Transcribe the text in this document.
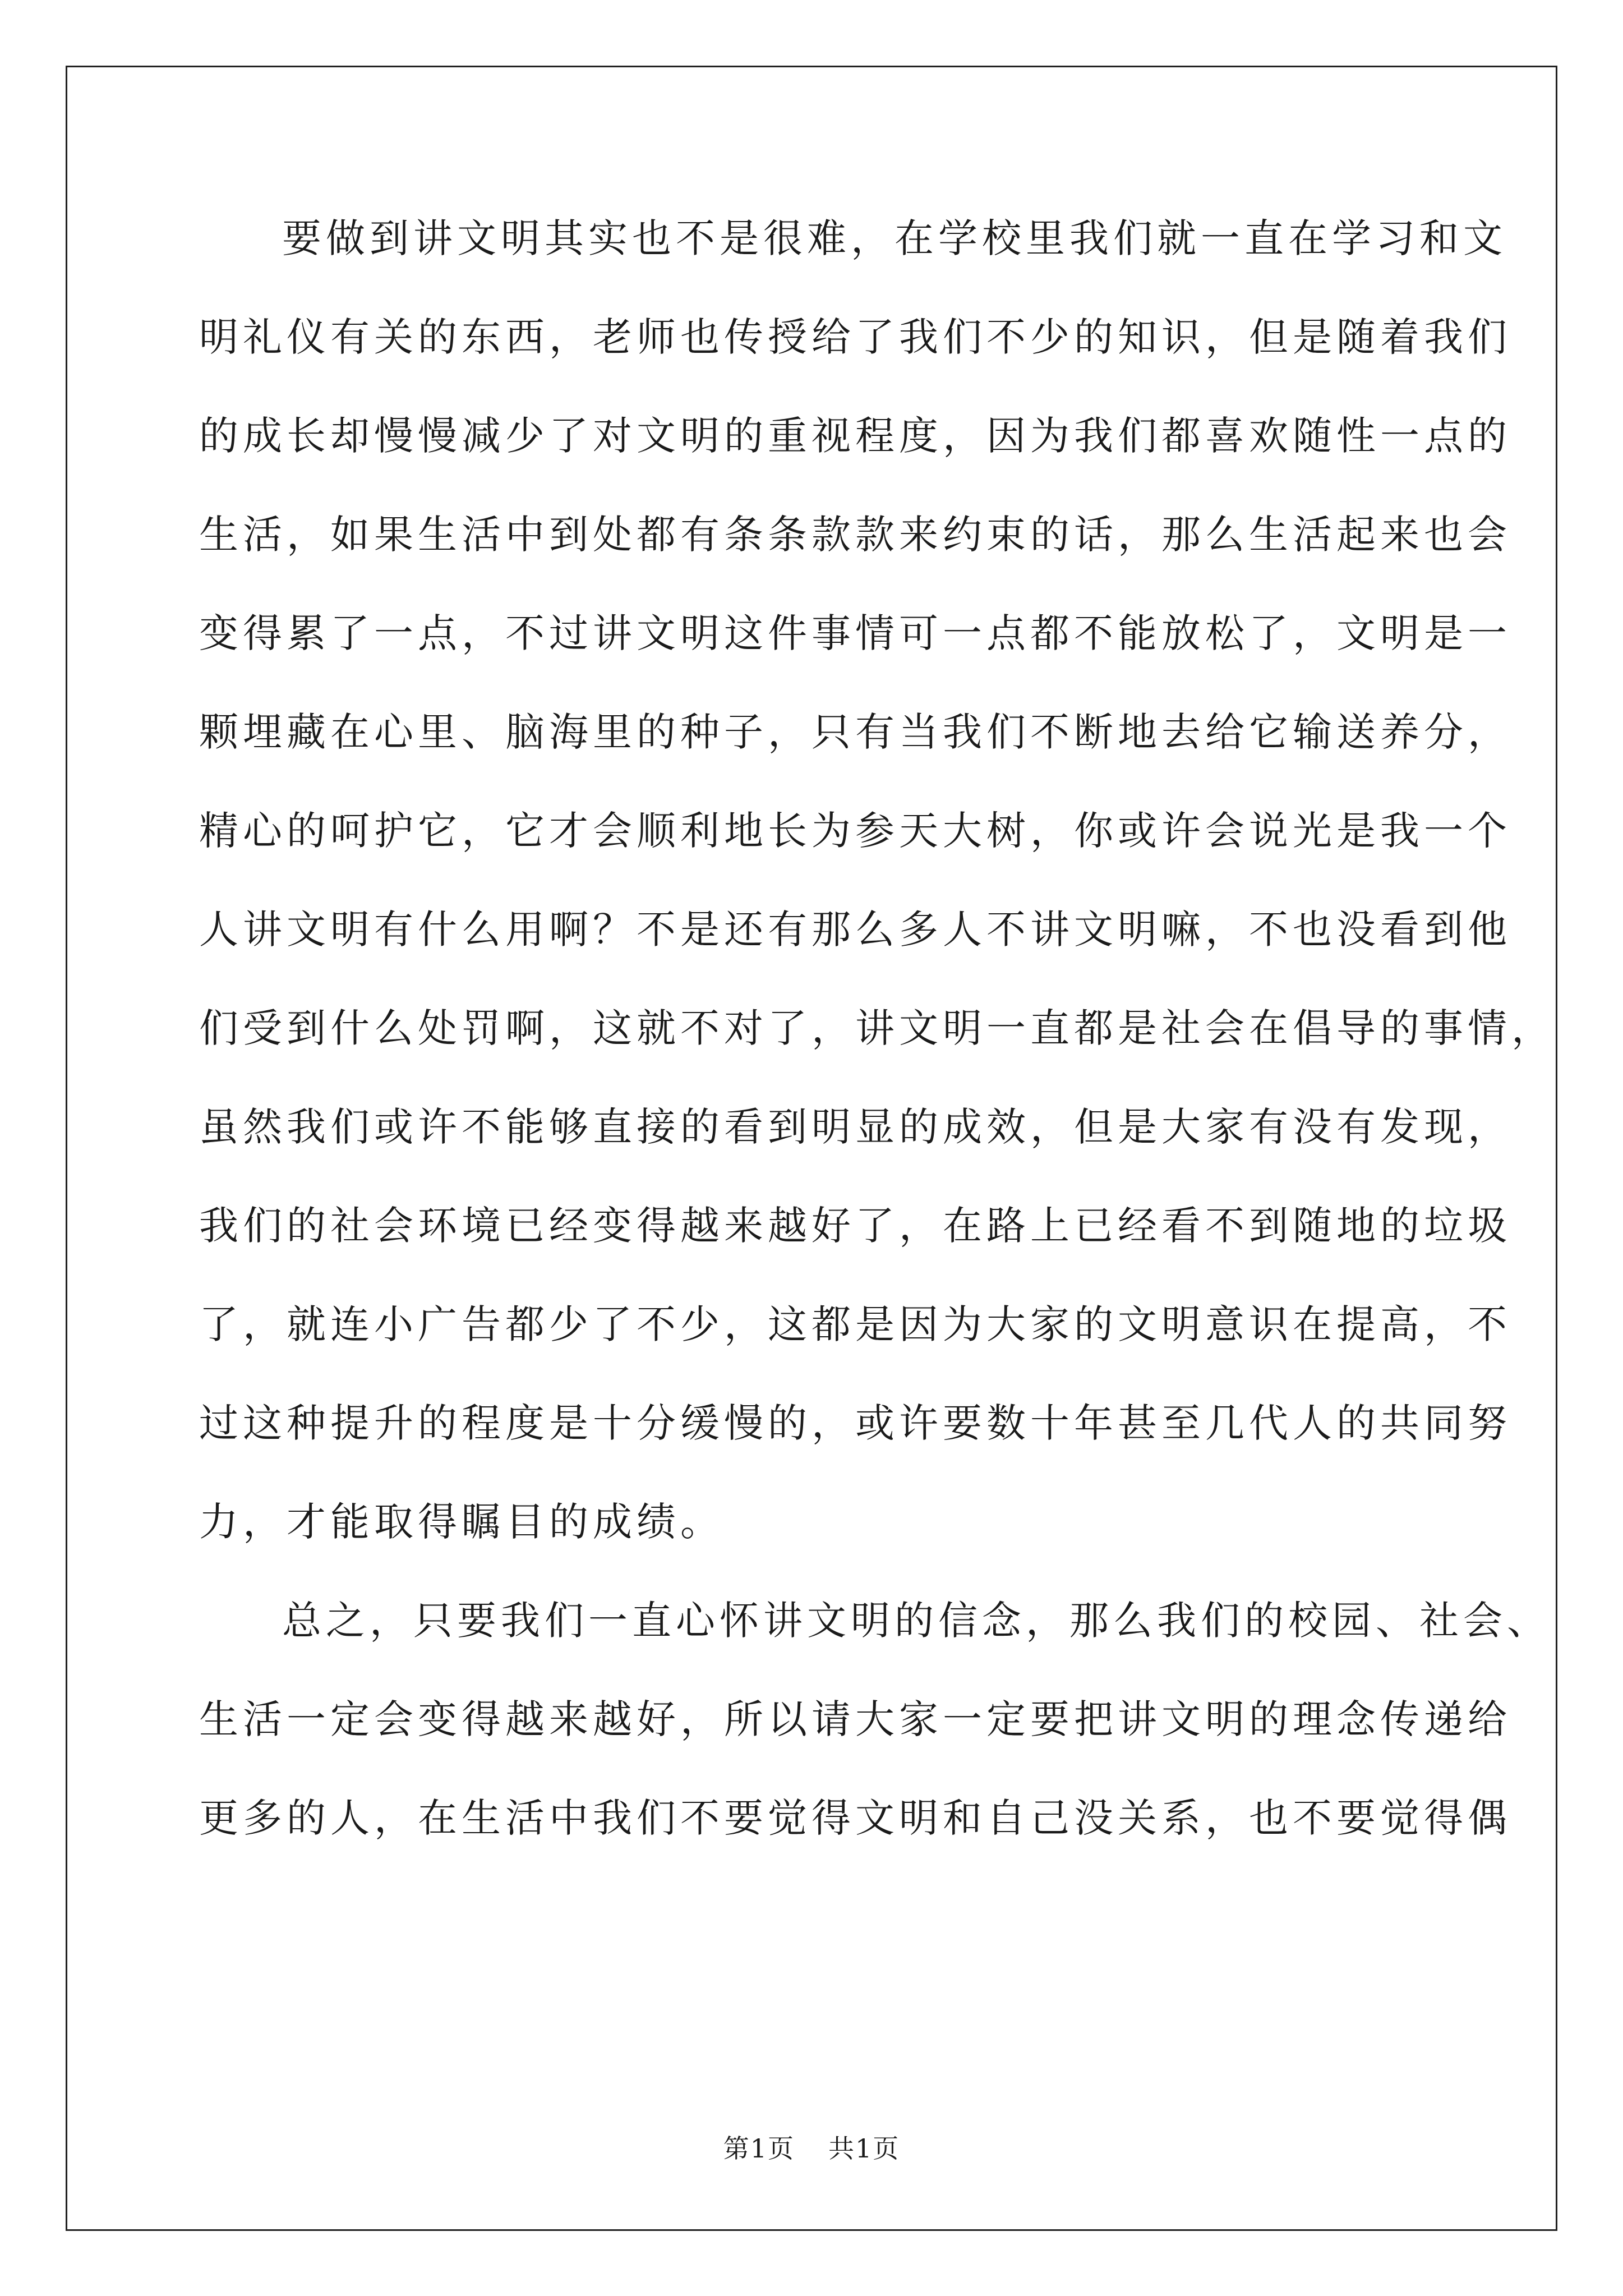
要做到讲文明其实也不是很难，在学校里我们就一直在学习和文
明礼仪有关的东西，老师也传授给了我们不少的知识，但是随着我们
的成长却慢慢减少了对文明的重视程度，因为我们都喜欢随性一点的
生活，如果生活中到处都有条条款款来约束的话，那么生活起来也会
变得累了一点，不过讲文明这件事情可一点都不能放松了，文明是一
颗埋藏在心里、脑海里的种子，只有当我们不断地去给它输送养分，
精心的呵护它，它才会顺利地长为参天大树，你或许会说光是我一个
人讲文明有什么用啊？不是还有那么多人不讲文明嘛，不也没看到他
们受到什么处罚啊，这就不对了，讲文明一直都是社会在倡导的事情，
虽然我们或许不能够直接的看到明显的成效，但是大家有没有发现，
我们的社会环境已经变得越来越好了，在路上已经看不到随地的垃圾
了，就连小广告都少了不少，这都是因为大家的文明意识在提高，不
过这种提升的程度是十分缓慢的，或许要数十年甚至几代人的共同努
力，才能取得瞩目的成绩。
总之，只要我们一直心怀讲文明的信念，那么我们的校园、社会、
生活一定会变得越来越好，所以请大家一定要把讲文明的理念传递给
更多的人，在生活中我们不要觉得文明和自己没关系，也不要觉得偶
第1页 共1页
